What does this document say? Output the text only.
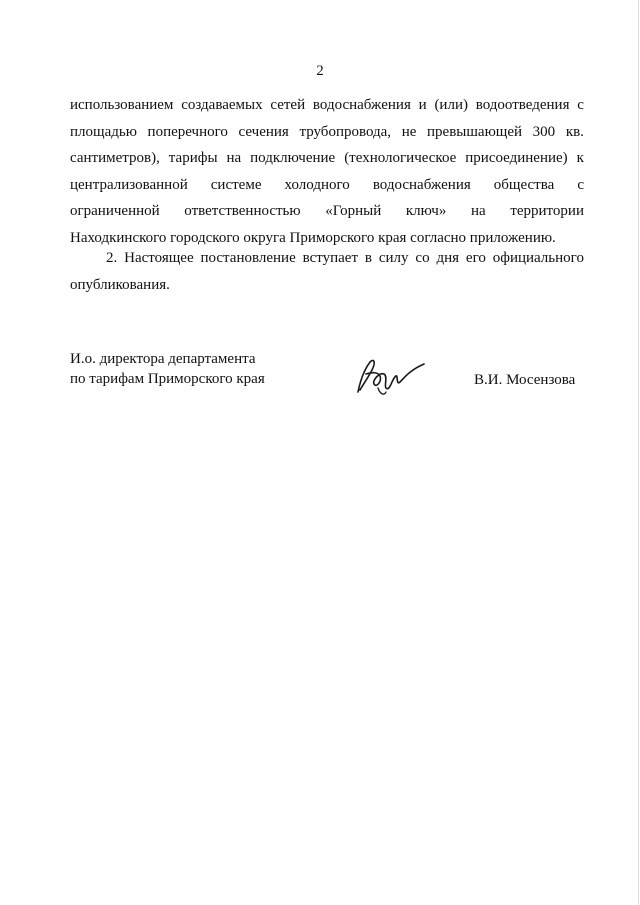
2
использованием создаваемых сетей водоснабжения и (или) водоотведения с
площадью поперечного сечения трубопровода, не превышающей 300 кв.
сантиметров), тарифы на подключение (технологическое присоединение) к
централизованной системе холодного водоснабжения общества с
ограниченной ответственностью «Горный ключ» на территории
Находкинского городского округа Приморского края согласно приложению.
2. Настоящее постановление вступает в силу со дня его официального
опубликования.
И.о. директора департамента
по тарифам Приморского края	В.И. Мосензова
